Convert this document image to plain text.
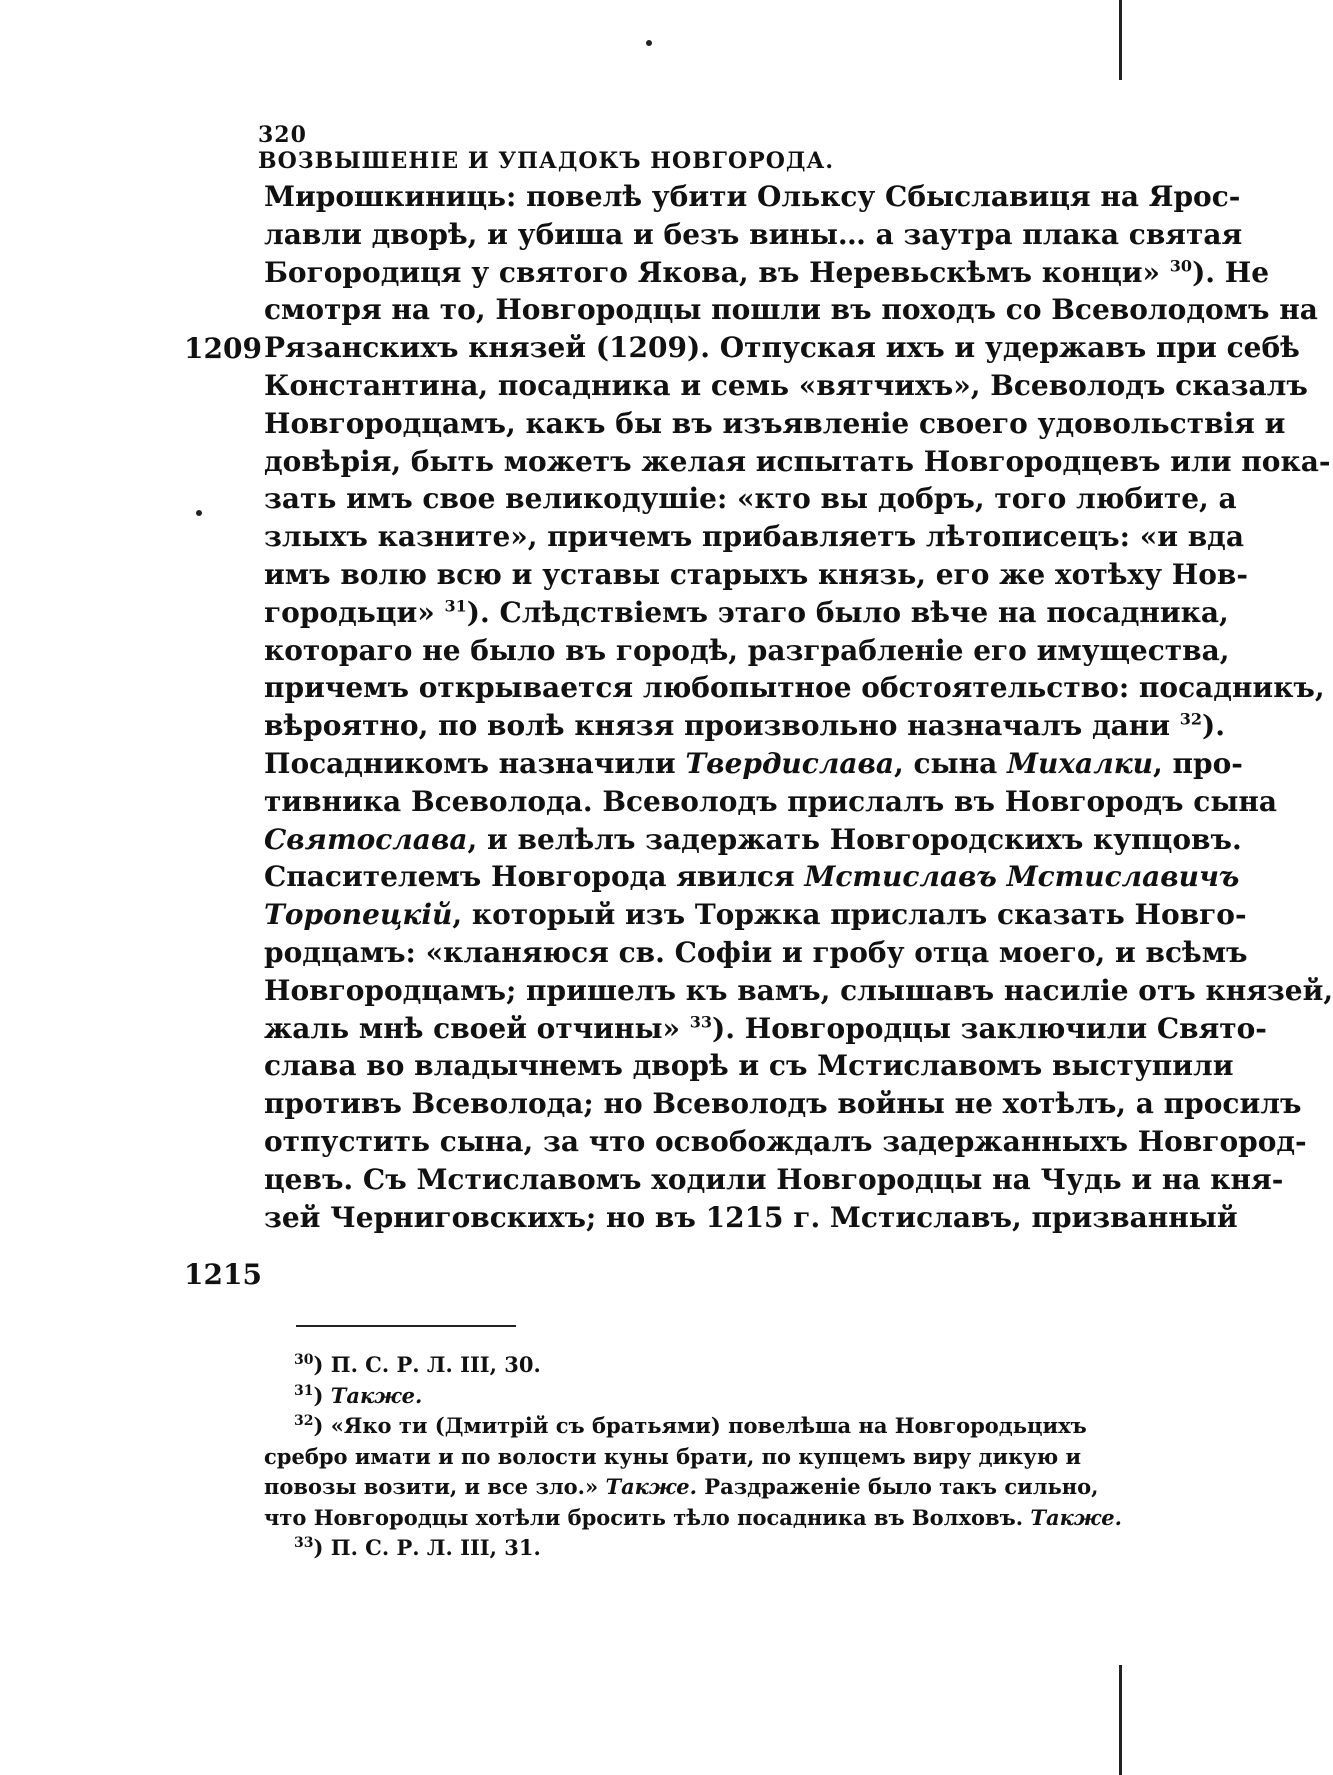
320 ВОЗВЫШЕНІЕ И УПАДОКЪ НОВГОРОДА.
1209
1215
Мирошкиниць: повелѣ убити Олькcу Сбыславиця на Ярос-
лавли дворѣ, и убиша и безъ вины… а заутра плака святая
Богородиця у святого Якова, въ Неревьскѣмъ конци» $^{30}$). Не
смотря на то, Новгородцы пошли въ походъ со Всеволодомъ на
Рязанскихъ князей (1209). Отпуская ихъ и удержавъ при себѣ
Константина, посадника и семь «вятчихъ», Всеволодъ сказалъ
Новгородцамъ, какъ бы въ изъявленіе своего удовольствія и
довѣрія, быть можетъ желая испытать Новгородцевъ или пока-
зать имъ свое великодушіе: «кто вы добръ, того любите, а
злыхъ казните», причемъ прибавляетъ лѣтописецъ: «и вда
имъ волю всю и уставы старыхъ князь, его же хотѣху Нов-
городьци» $^{31}$). Слѣдствіемъ этаго было вѣче на посадника,
котораго не было въ городѣ, разграбленіе его имущества,
причемъ открывается любопытное обстоятельство: посадникъ,
вѣроятно, по волѣ князя произвольно назначалъ дани $^{32}$).
Посадникомъ назначили Твердислава, сына Михалки, про-
тивника Всеволода. Всеволодъ прислалъ въ Новгородъ сына
Святослава, и велѣлъ задержать Новгородскихъ купцовъ.
Спасителемъ Новгорода явился Мстиславъ Мстиславичъ
Торопецкій, который изъ Торжка прислалъ сказать Новго-
родцамъ: «кланяюся св. Софіи и гробу отца моего, и всѣмъ
Новгородцамъ; пришелъ къ вамъ, слышавъ насиліе отъ князей,
жаль мнѣ своей отчины» $^{33}$). Новгородцы заключили Свято-
слава во владычнемъ дворѣ и съ Мстиславомъ выступили
противъ Всеволода; но Всеволодъ войны не хотѣлъ, а просилъ
отпустить сына, за что освобождалъ задержанныхъ Новгород-
цевъ. Съ Мстиславомъ ходили Новгородцы на Чудь и на кня-
зей Черниговскихъ; но въ 1215 г. Мстиславъ, призванный
$^{30}$) П. С. Р. Л. III, 30.
$^{31}$) Также.
$^{32}$) «Яко ти (Дмитрій съ братьями) повелѣша на Новгородьцихъ
сребро имати и по волости куны брати, по купцемъ виру дикую и
повозы возити, и все зло.» Также. Раздраженіе было такъ сильно,
что Новгородцы хотѣли бросить тѣло посадника въ Волховъ. Также.
$^{33}$) П. С. Р. Л. III, 31.
